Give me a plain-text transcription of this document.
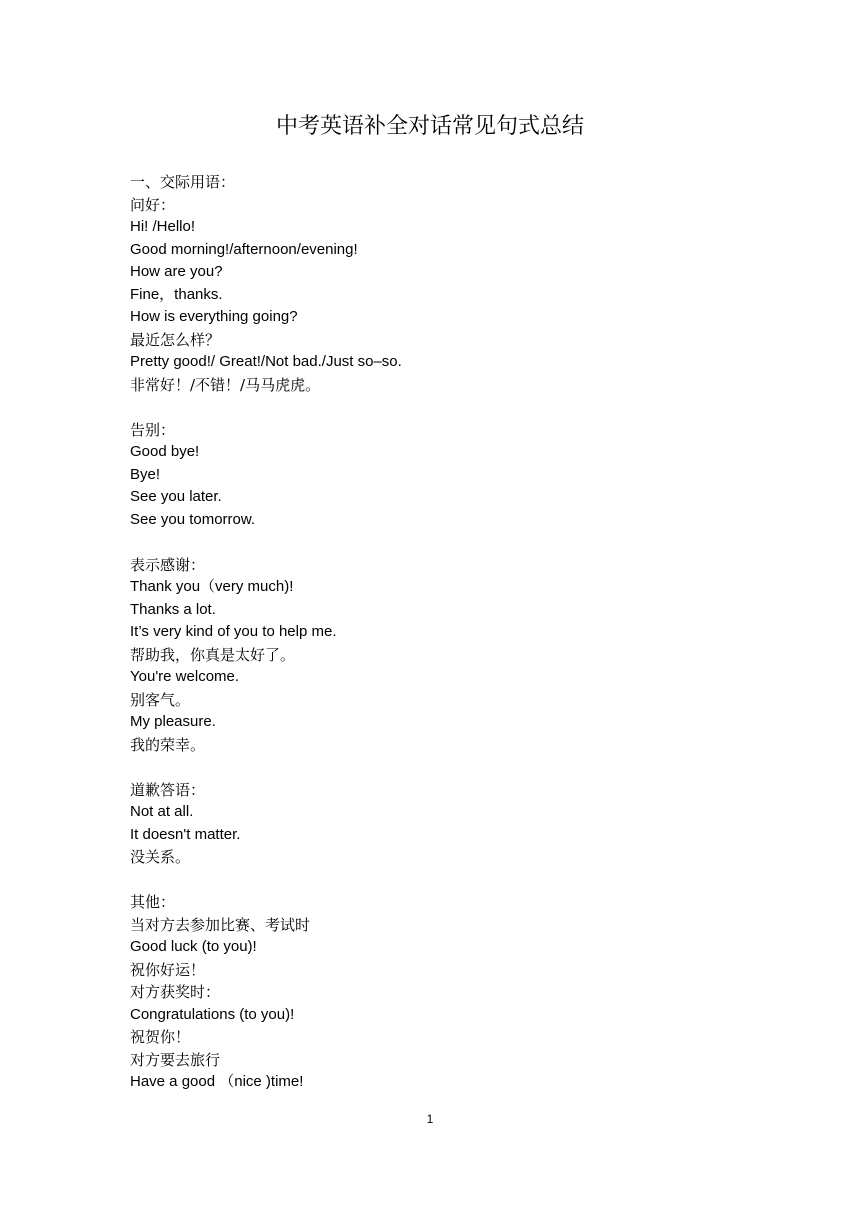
中考英语补全对话常见句式总结
一、交际用语：
问好：
Hi! /Hello!
Good morning!/afternoon/evening!
How are you?
Fine，thanks.
How is everything going?
最近怎么样？
Pretty good!/ Great!/Not bad./Just so–so.
非常好！/不错！/马马虎虎。
告别：
Good bye!
Bye!
See you later.
See you tomorrow.
表示感谢：
Thank you（very much)!
Thanks a lot.
It’s very kind of you to help me.
帮助我，你真是太好了。
You're welcome.
别客气。
My pleasure.
我的荣幸。
道歉答语：
Not at all.
It doesn't matter.
没关系。
其他：
当对方去参加比赛、考试时
Good luck (to you)!
祝你好运！
对方获奖时：
Congratulations (to you)!
祝贺你！
对方要去旅行
Have a good （nice )time!
1
